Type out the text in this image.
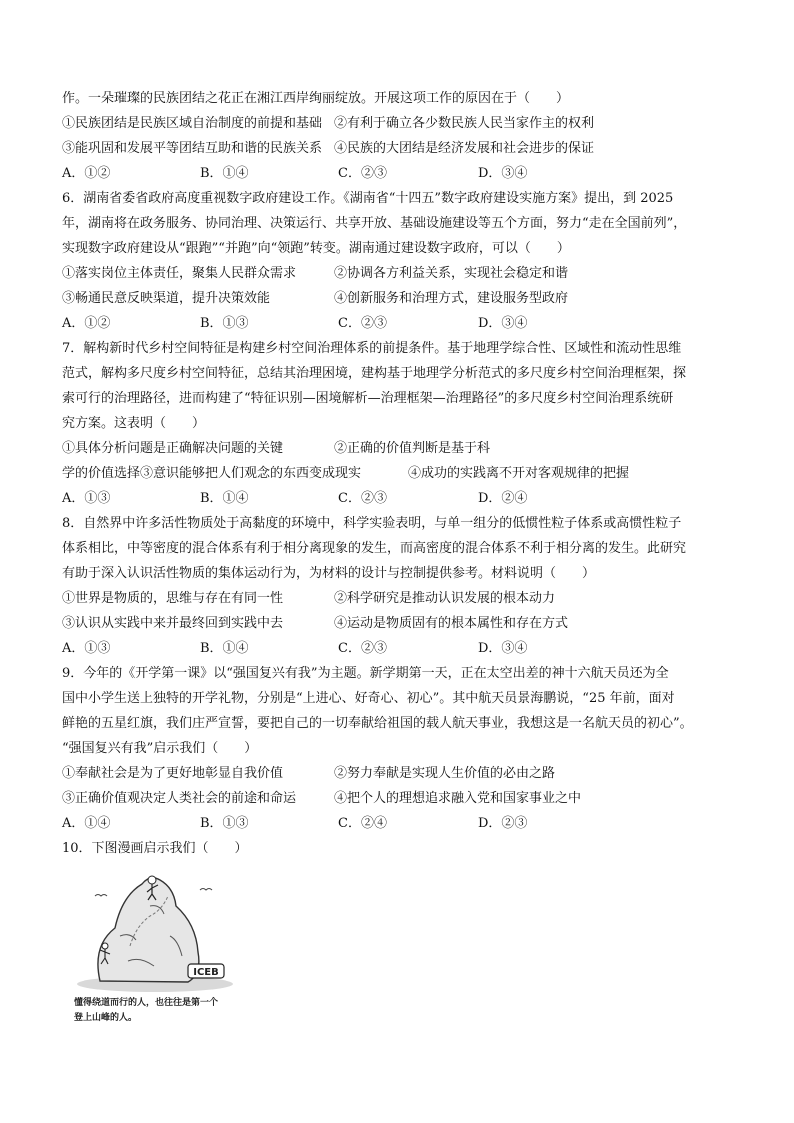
作。一朵璀璨的民族团结之花正在湘江西岸绚丽绽放。开展这项工作的原因在于（　　）
①民族团结是民族区域自治制度的前提和基础 ②有利于确立各少数民族人民当家作主的权利
③能巩固和发展平等团结互助和谐的民族关系 ④民族的大团结是经济发展和社会进步的保证
A．①②	B．①④	C．②③	D．③④
6．湖南省委省政府高度重视数字政府建设工作。《湖南省“十四五”数字政府建设实施方案》提出，到 2025
年，湖南将在政务服务、协同治理、决策运行、共享开放、基础设施建设等五个方面，努力“走在全国前列”，
实现数字政府建设从“跟跑”“并跑”向“领跑”转变。湖南通过建设数字政府，可以（　　）
①落实岗位主体责任，聚集人民群众需求	②协调各方利益关系，实现社会稳定和谐
③畅通民意反映渠道，提升决策效能	④创新服务和治理方式，建设服务型政府
A．①②	B．①③	C．②③	D．③④
7．解构新时代乡村空间特征是构建乡村空间治理体系的前提条件。基于地理学综合性、区域性和流动性思维
范式，解构多尺度乡村空间特征，总结其治理困境，建构基于地理学分析范式的多尺度乡村空间治理框架，探
索可行的治理路径，进而构建了“特征识别—困境解析—治理框架—治理路径”的多尺度乡村空间治理系统研
究方案。这表明（　　）
①具体分析问题是正确解决问题的关键	②正确的价值判断是基于科
学的价值选择③意识能够把人们观念的东西变成现实	④成功的实践离不开对客观规律的把握
A．①③	B．①④	C．②③	D．②④
8．自然界中许多活性物质处于高黏度的环境中，科学实验表明，与单一组分的低惯性粒子体系或高惯性粒子
体系相比，中等密度的混合体系有利于相分离现象的发生，而高密度的混合体系不利于相分离的发生。此研究
有助于深入认识活性物质的集体运动行为，为材料的设计与控制提供参考。材料说明（　　）
①世界是物质的，思维与存在有同一性	②科学研究是推动认识发展的根本动力
③认识从实践中来并最终回到实践中去	④运动是物质固有的根本属性和存在方式
A．①③	B．①④	C．②③	D．③④
9．今年的《开学第一课》以“强国复兴有我”为主题。新学期第一天，正在太空出差的神十六航天员还为全
国中小学生送上独特的开学礼物，分别是“上进心、好奇心、初心”。其中航天员景海鹏说，“25 年前，面对
鲜艳的五星红旗，我们庄严宣誓，要把自己的一切奉献给祖国的载人航天事业，我想这是一名航天员的初心”。
“强国复兴有我”启示我们（　　）
①奉献社会是为了更好地彰显自我价值	②努力奉献是实现人生价值的必由之路
③正确价值观决定人类社会的前途和命运	④把个人的理想追求融入党和国家事业之中
A．①④	B．①③	C．②④	D．②③
10．下图漫画启示我们（　　）
ICEB
懂得绕道而行的人，也往往是第一个
登上山峰的人。
